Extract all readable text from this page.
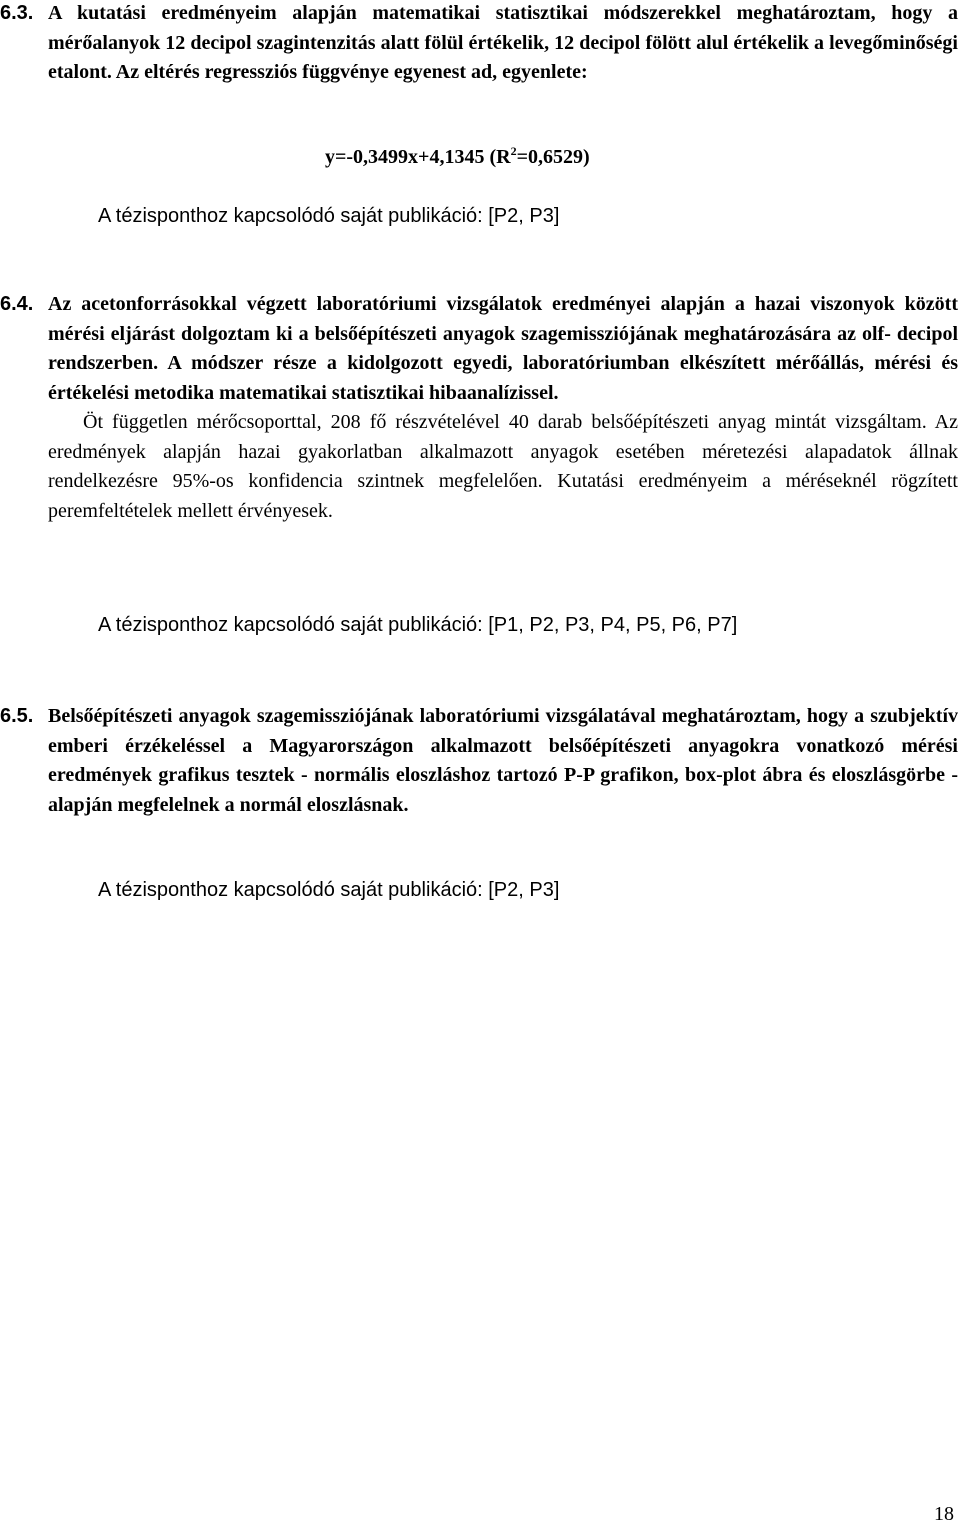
6.3. A kutatási eredményeim alapján matematikai statisztikai módszerekkel meghatároztam, hogy a mérőalanyok 12 decipol szagintenzitás alatt fölül értékelik, 12 decipol fölött alul értékelik a levegőminőségi etalont. Az eltérés regressziós függvénye egyenest ad, egyenlete:

y=-0,3499x+4,1345 $(R^2=0,6529)$
A tézisponthoz kapcsolódó saját publikáció: [P2, P3]
6.4. Az acetonforrásokkal végzett laboratóriumi vizsgálatok eredményei alapján a hazai viszonyok között mérési eljárást dolgoztam ki a belsőépítészeti anyagok szagemissziójának meghatározására az olf- decipol rendszerben. A módszer része a kidolgozott egyedi, laboratóriumban elkészített mérőállás, mérési és értékelési metodika matematikai statisztikai hibaanalízissel.

Öt független mérőcsoporttal, 208 fő részvételével 40 darab belsőépítészeti anyag mintát vizsgáltam. Az eredmények alapján hazai gyakorlatban alkalmazott anyagok esetében méretezési alapadatok állnak rendelkezésre 95%-os konfidencia szintnek megfelelően. Kutatási eredményeim a méréseknél rögzített peremfeltételek mellett érvényesek.

A tézisponthoz kapcsolódó saját publikáció: [P1, P2, P3, P4, P5, P6, P7]
6.5. Belsőépítészeti anyagok szagemissziójának laboratóriumi vizsgálatával meghatároztam, hogy a szubjektív emberi érzékeléssel a Magyarországon alkalmazott belsőépítészeti anyagokra vonatkozó mérési eredmények grafikus tesztek - normális eloszláshoz tartozó P-P grafikon, box-plot ábra és eloszlásgörbe - alapján megfelelnek a normál eloszlásnak.

A tézisponthoz kapcsolódó saját publikáció: [P2, P3]
18
